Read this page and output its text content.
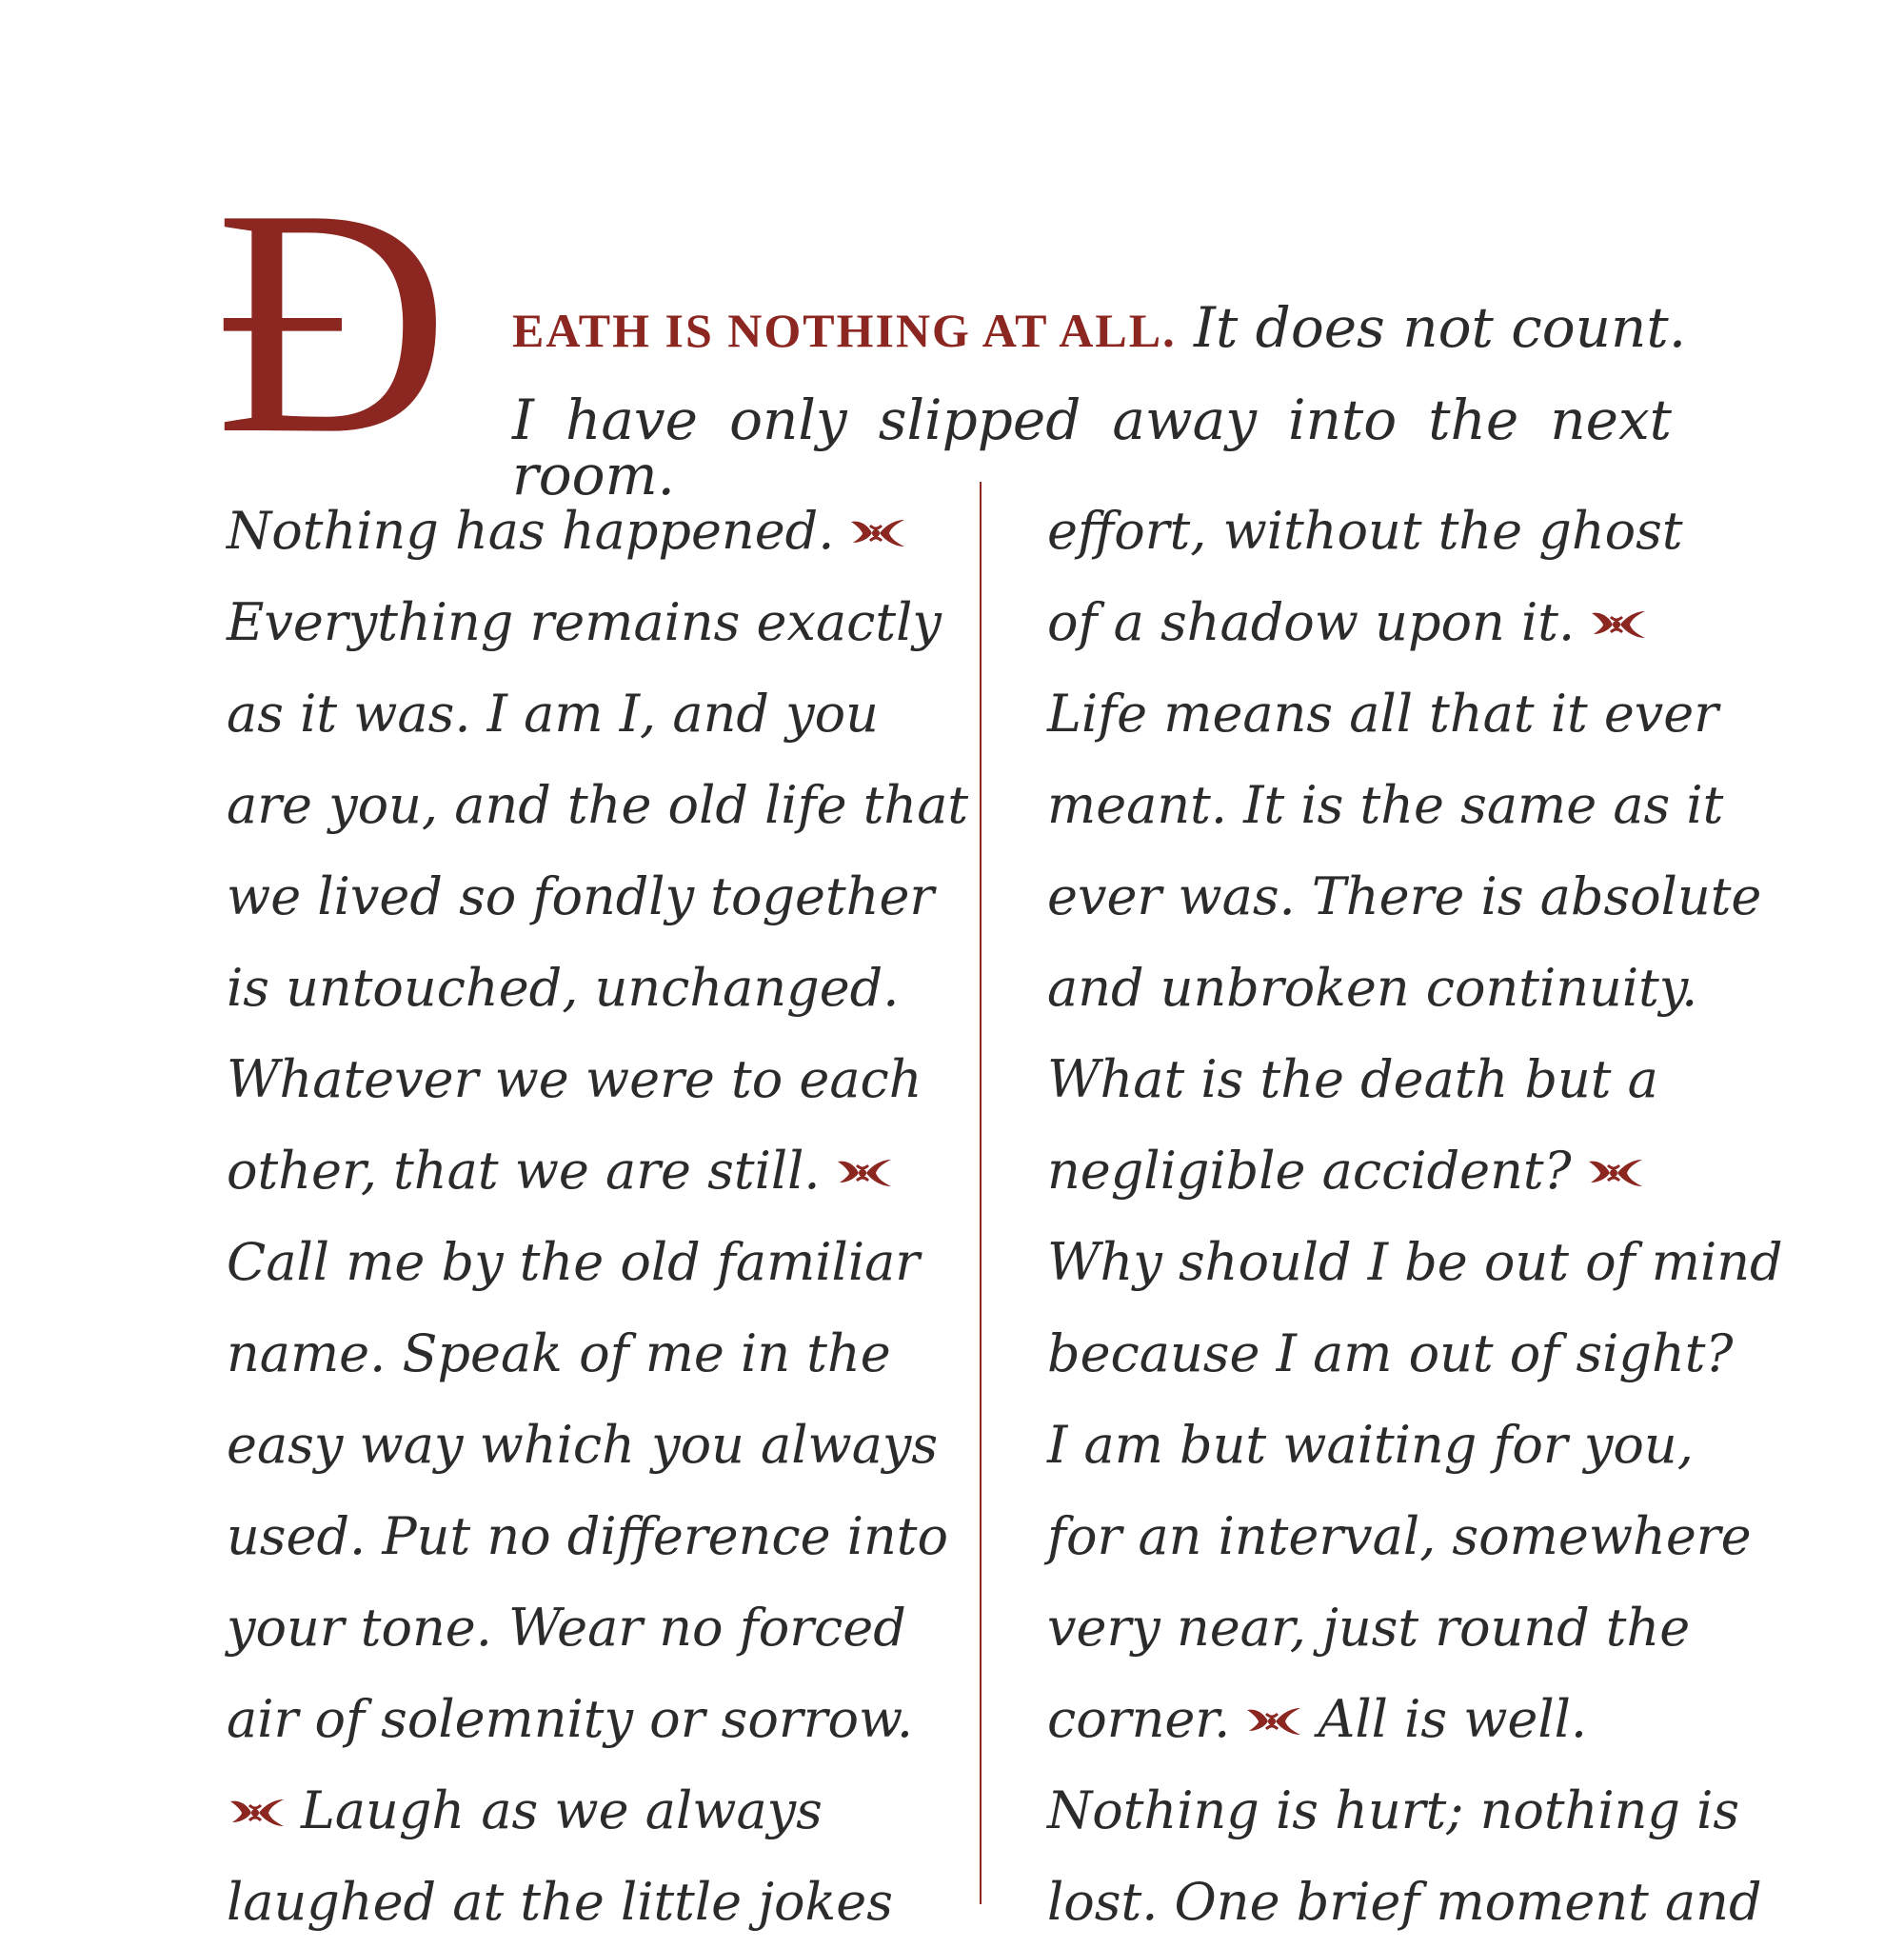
Ð EATH IS NOTHING AT ALL. It does not count.
I have only slipped away into the next room.
Nothing has happened.
Everything remains exactly
as it was. I am I, and you
are you, and the old life that
we lived so fondly together
is untouched, unchanged.
Whatever we were to each
other, that we are still.
Call me by the old familiar
name. Speak of me in the
easy way which you always
used. Put no difference into
your tone. Wear no forced
air of solemnity or sorrow.
Laugh as we always
laughed at the little jokes
effort, without the ghost
of a shadow upon it.
Life means all that it ever
meant. It is the same as it
ever was. There is absolute
and unbroken continuity.
What is the death but a
negligible accident?
Why should I be out of mind
because I am out of sight?
I am but waiting for you,
for an interval, somewhere
very near, just round the
corner. All is well.
Nothing is hurt; nothing is
lost. One brief moment and
